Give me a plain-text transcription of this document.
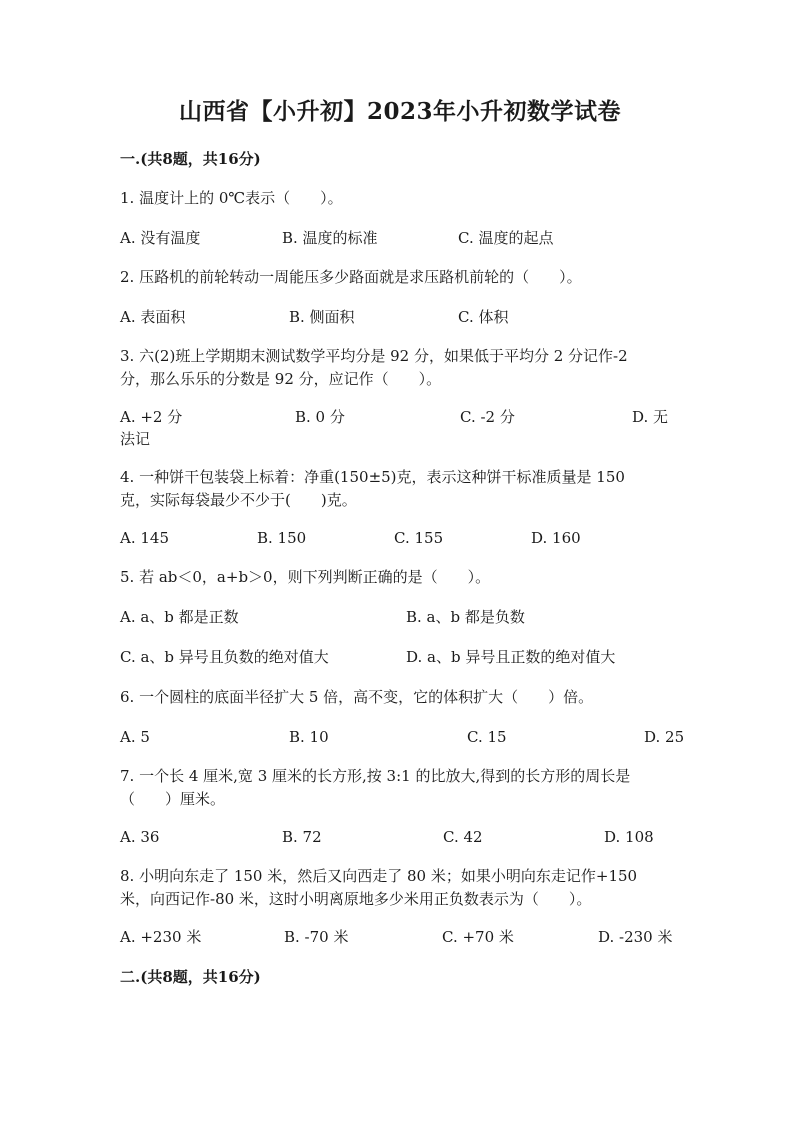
山西省【小升初】2023年小升初数学试卷
一.(共8题，共16分)
1. 温度计上的 0℃表示（　　）。
A. 没有温度	B. 温度的标准	C. 温度的起点
2. 压路机的前轮转动一周能压多少路面就是求压路机前轮的（　　）。
A. 表面积	B. 侧面积	C. 体积
3. 六(2)班上学期期末测试数学平均分是 92 分，如果低于平均分 2 分记作-2
分，那么乐乐的分数是 92 分，应记作（　　）。
A. +2 分	B. 0 分	C. -2 分	D. 无
法记
4. 一种饼干包装袋上标着：净重(150±5)克，表示这种饼干标准质量是 150
克，实际每袋最少不少于(　　)克。
A. 145	B. 150	C. 155	D. 160
5. 若 ab＜0，a+b＞0，则下列判断正确的是（　　）。
A. a、b 都是正数	B. a、b 都是负数
C. a、b 异号且负数的绝对值大	D. a、b 异号且正数的绝对值大
6. 一个圆柱的底面半径扩大 5 倍，高不变，它的体积扩大（　　）倍。
A. 5	B. 10	C. 15	D. 25
7. 一个长 4 厘米,宽 3 厘米的长方形,按 3:1 的比放大,得到的长方形的周长是
（　　）厘米。
A. 36	B. 72	C. 42	D. 108
8. 小明向东走了 150 米，然后又向西走了 80 米；如果小明向东走记作+150
米，向西记作-80 米，这时小明离原地多少米用正负数表示为（　　）。
A. +230 米	B. -70 米	C. +70 米	D. -230 米
二.(共8题，共16分)
